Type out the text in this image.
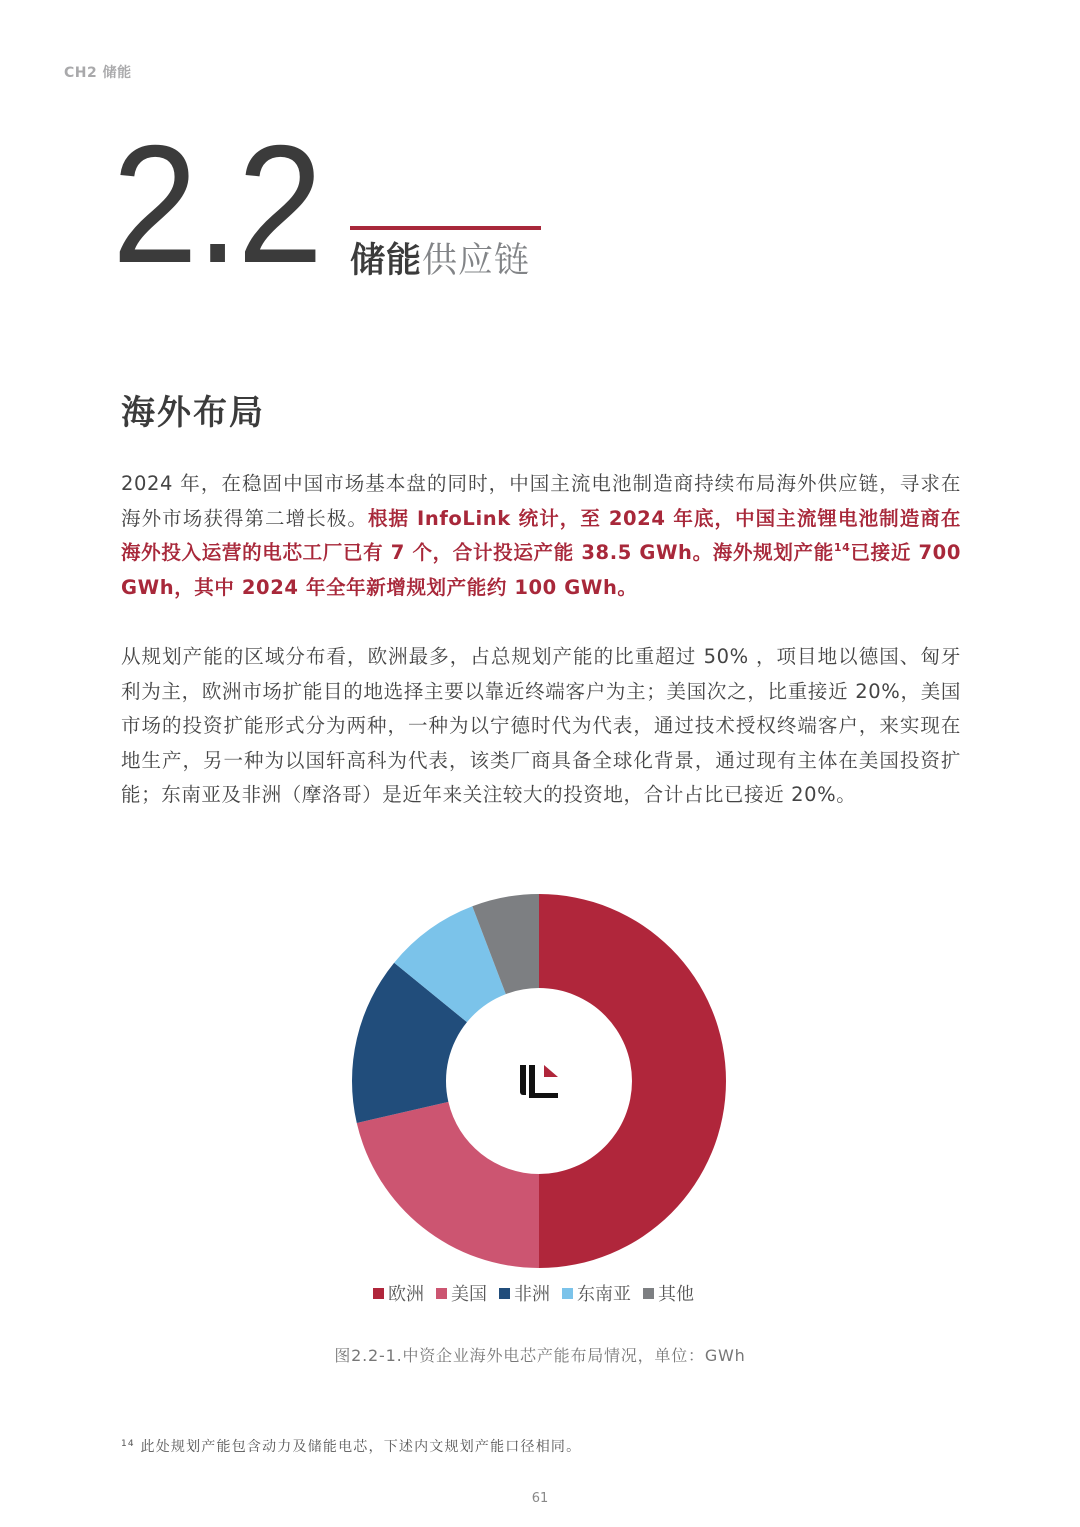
CH2 储能
2.2 储能供应链
海外布局
2024 年，在稳固中国市场基本盘的同时，中国主流电池制造商持续布局海外供应链，寻求在海外市场获得第二增长极。根据 InfoLink 统计，至 2024 年底，中国主流锂电池制造商在海外投入运营的电芯工厂已有 7 个，合计投运产能 38.5 GWh。海外规划产能$^{14}$已接近 700 GWh，其中 2024 年全年新增规划产能约 100 GWh。
从规划产能的区域分布看，欧洲最多，占总规划产能的比重超过 50% ，项目地以德国、匈牙利为主，欧洲市场扩能目的地选择主要以靠近终端客户为主；美国次之，比重接近 20%，美国市场的投资扩能形式分为两种，一种为以宁德时代为代表，通过技术授权终端客户，来实现在地生产，另一种为以国轩高科为代表，该类厂商具备全球化背景，通过现有主体在美国投资扩能；东南亚及非洲（摩洛哥）是近年来关注较大的投资地，合计占比已接近 20%。
欧洲 美国 非洲 东南亚 其他
图2.2-1.中资企业海外电芯产能布局情况，单位：GWh
$^{14}$ 此处规划产能包含动力及储能电芯，下述内文规划产能口径相同。
61
